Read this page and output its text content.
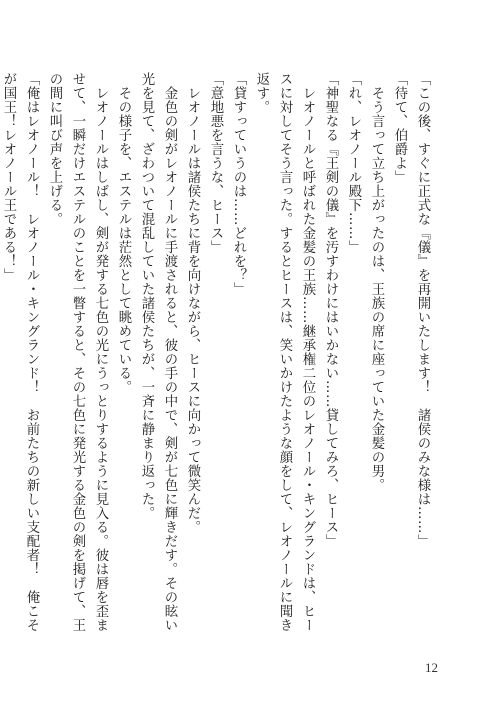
「この後、すぐに正式な『儀』を再開いたします！　諸侯のみな様は……」
「待て、伯爵よ」
　そう言って立ち上がったのは、王族の席に座っていた金髪の男。
「れ、レオノール殿下……」
「神聖なる『王剣の儀』を汚すわけにはいかない……貸してみろ、ヒース」
　レオノールと呼ばれた金髪の王族……継承権二位のレオノール・キングランドは、ヒースに対してそう言った。するとヒースは、笑いかけたような顔をして、レオノールに聞き返す。
「貸すっていうのは……どれを？」
「意地悪を言うな、ヒース」
　レオノールは諸侯たちに背を向けながら、ヒースに向かって微笑んだ。
　金色の剣がレオノールに手渡されると、彼の手の中で、剣が七色に輝きだす。その眩い光を見て、ざわついて混乱していた諸侯たちが、一斉に静まり返った。
　その様子を、エステルは茫然として眺めている。
　レオノールはしばし、剣が発する七色の光にうっとりするように見入る。彼は唇を歪ませて、一瞬だけエステルのことを一瞥すると、その七色に発光する金色の剣を掲げて、王の間に叫び声を上げる。
「俺はレオノール！　レオノール・キングランド！　お前たちの新しい支配者！　俺こそが国王！レオノール王である！」
12
